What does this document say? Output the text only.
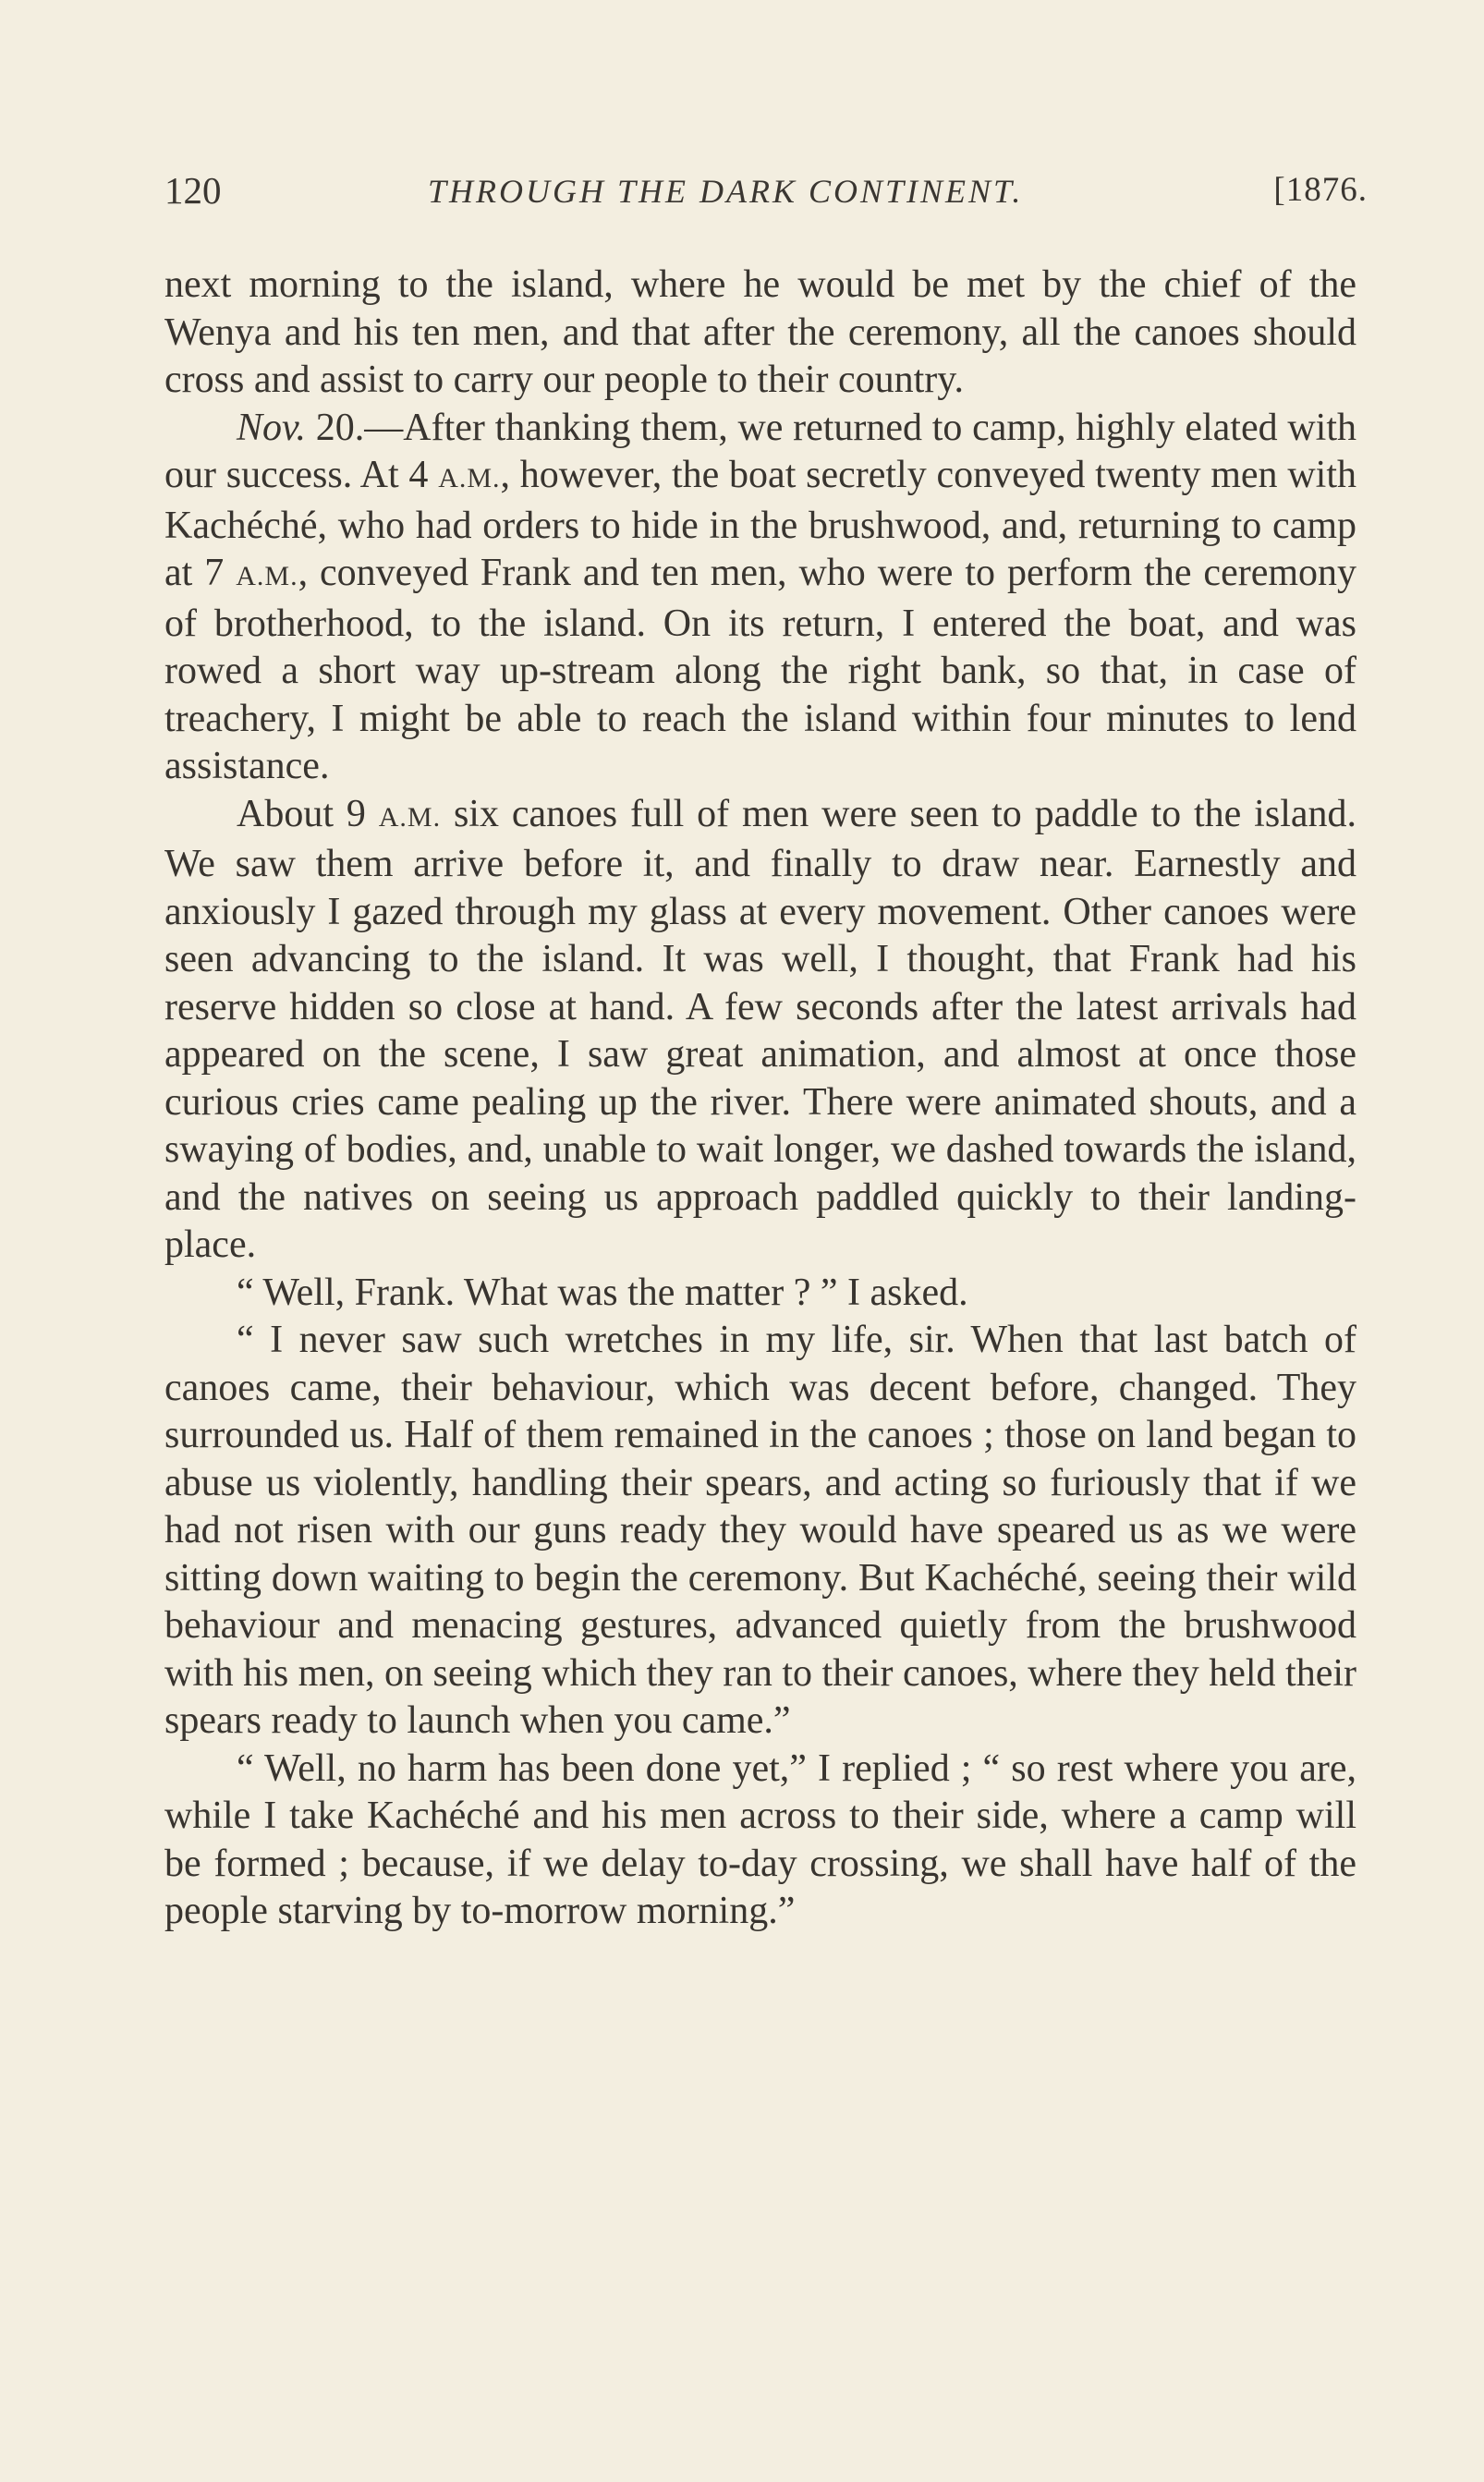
120	THROUGH THE DARK CONTINENT.	[1876.

next morning to the island, where he would be met by the chief of the Wenya and his ten men, and that after the ceremony, all the canoes should cross and assist to carry our people to their country.

Nov. 20.—After thanking them, we returned to camp, highly elated with our success. At 4 A.M., however, the boat secretly conveyed twenty men with Kachéché, who had orders to hide in the brushwood, and, returning to camp at 7 A.M., conveyed Frank and ten men, who were to perform the ceremony of brotherhood, to the island. On its return, I entered the boat, and was rowed a short way up-stream along the right bank, so that, in case of treachery, I might be able to reach the island within four minutes to lend assistance.

About 9 A.M. six canoes full of men were seen to paddle to the island. We saw them arrive before it, and finally to draw near. Earnestly and anxiously I gazed through my glass at every movement. Other canoes were seen advancing to the island. It was well, I thought, that Frank had his reserve hidden so close at hand. A few seconds after the latest arrivals had appeared on the scene, I saw great animation, and almost at once those curious cries came pealing up the river. There were animated shouts, and a swaying of bodies, and, unable to wait longer, we dashed towards the island, and the natives on seeing us approach paddled quickly to their landing-place.

“ Well, Frank. What was the matter ? ” I asked.

“ I never saw such wretches in my life, sir. When that last batch of canoes came, their behaviour, which was decent before, changed. They surrounded us. Half of them remained in the canoes ; those on land began to abuse us violently, handling their spears, and acting so furiously that if we had not risen with our guns ready they would have speared us as we were sitting down waiting to begin the ceremony. But Kachéché, seeing their wild behaviour and menacing gestures, advanced quietly from the brushwood with his men, on seeing which they ran to their canoes, where they held their spears ready to launch when you came.”

“ Well, no harm has been done yet,” I replied ; “ so rest where you are, while I take Kachéché and his men across to their side, where a camp will be formed ; because, if we delay to-day crossing, we shall have half of the people starving by to-morrow morning.”
